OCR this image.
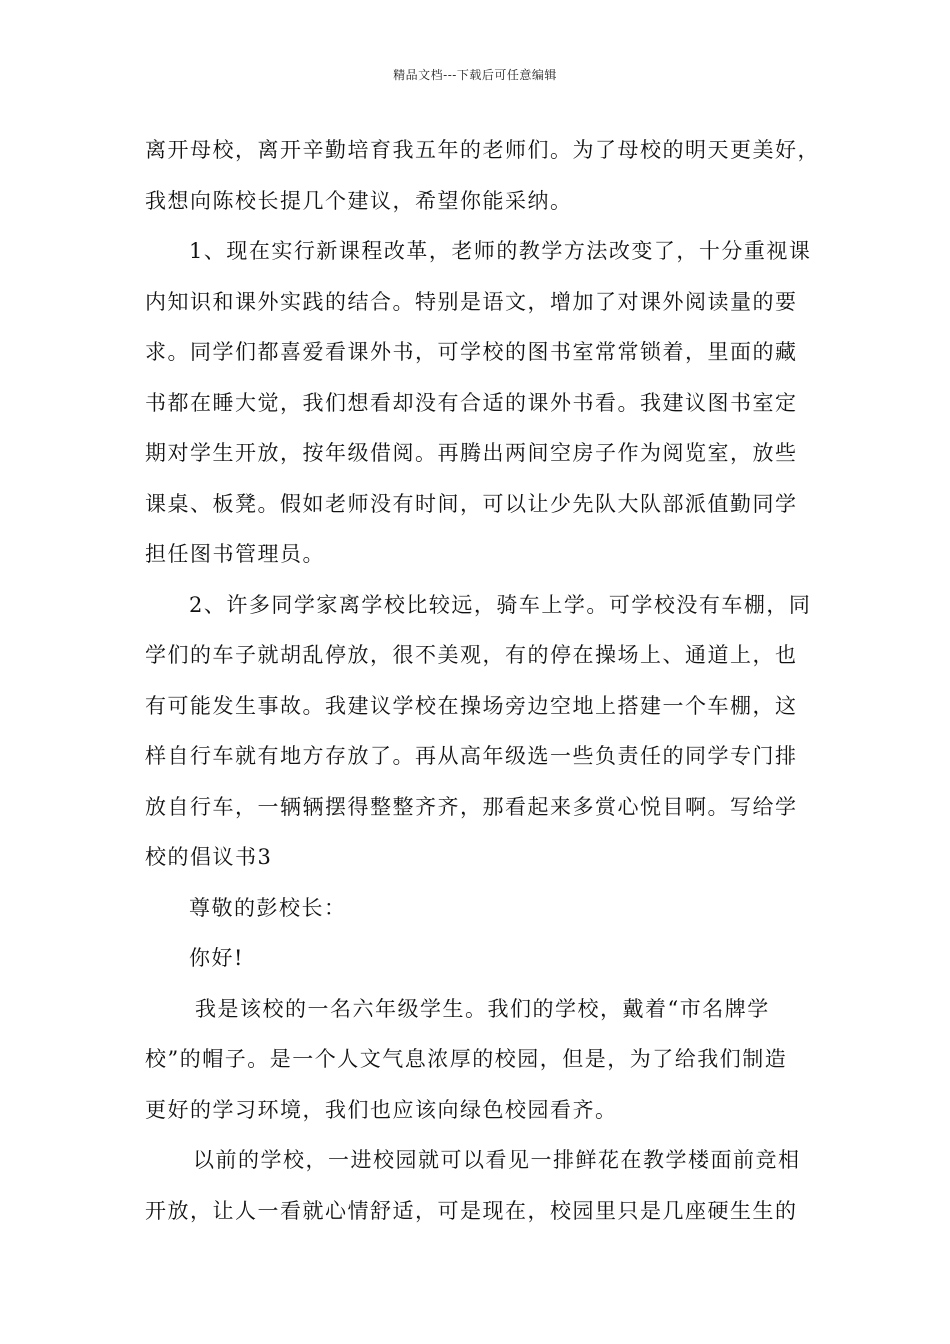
精品文档---下载后可任意编辑
离开母校，离开辛勤培育我五年的老师们。为了母校的明天更美好，
我想向陈校长提几个建议，希望你能采纳。
1、现在实行新课程改革，老师的教学方法改变了，十分重视课
内知识和课外实践的结合。特别是语文，增加了对课外阅读量的要
求。同学们都喜爱看课外书，可学校的图书室常常锁着，里面的藏
书都在睡大觉，我们想看却没有合适的课外书看。我建议图书室定
期对学生开放，按年级借阅。再腾出两间空房子作为阅览室，放些
课桌、板凳。假如老师没有时间，可以让少先队大队部派值勤同学
担任图书管理员。
2、许多同学家离学校比较远，骑车上学。可学校没有车棚，同
学们的车子就胡乱停放，很不美观，有的停在操场上、通道上，也
有可能发生事故。我建议学校在操场旁边空地上搭建一个车棚，这
样自行车就有地方存放了。再从高年级选一些负责任的同学专门排
放自行车，一辆辆摆得整整齐齐，那看起来多赏心悦目啊。写给学
校的倡议书3
尊敬的彭校长：
你好!
我是该校的一名六年级学生。我们的学校，戴着“市名牌学
校”的帽子。是一个人文气息浓厚的校园，但是，为了给我们制造
更好的学习环境，我们也应该向绿色校园看齐。
以前的学校，一进校园就可以看见一排鲜花在教学楼面前竞相
开放，让人一看就心情舒适，可是现在，校园里只是几座硬生生的
